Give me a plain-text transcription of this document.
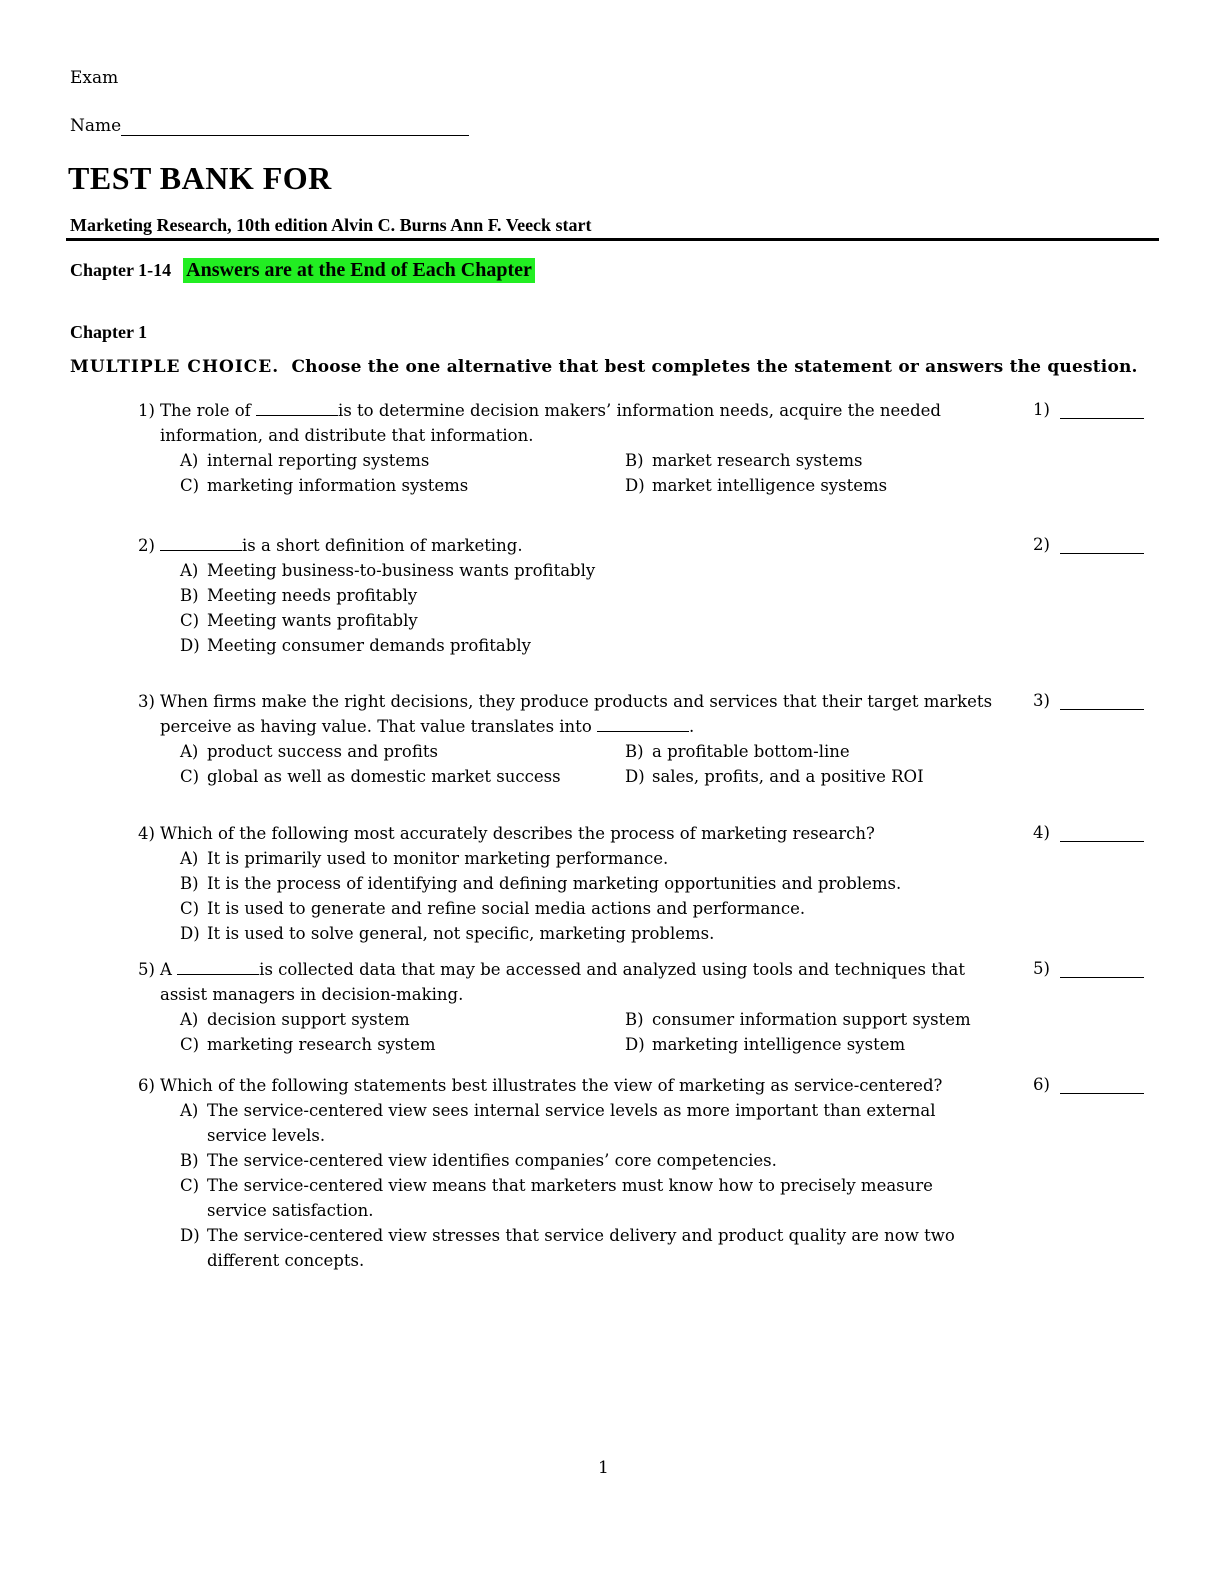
Exam
Name
TEST BANK FOR
Marketing Research, 10th edition Alvin C. Burns Ann F. Veeck start
Chapter 1-14 Answers are at the End of Each Chapter
Chapter 1
MULTIPLE CHOICE. Choose the one alternative that best completes the statement or answers the question.
1) The role of	is to determine decision makers’ information needs, acquire the needed
information, and distribute that information.
A) internal reporting systems	B) market research systems
C) marketing information systems	D) market intelligence systems
1)
2)	is a short definition of marketing.
A) Meeting business-to-business wants profitably
B) Meeting needs profitably
C) Meeting wants profitably
D) Meeting consumer demands profitably
2)
3) When firms make the right decisions, they produce products and services that their target markets
perceive as having value. That value translates into	.
A) product success and profits	B) a profitable bottom-line
C) global as well as domestic market success	D) sales, profits, and a positive ROI
3)
4) Which of the following most accurately describes the process of marketing research?
A) It is primarily used to monitor marketing performance.
B) It is the process of identifying and defining marketing opportunities and problems.
C) It is used to generate and refine social media actions and performance.
D) It is used to solve general, not specific, marketing problems.
4)
5) A	is collected data that may be accessed and analyzed using tools and techniques that
assist managers in decision-making.
A) decision support system	B) consumer information support system
C) marketing research system	D) marketing intelligence system
5)
6) Which of the following statements best illustrates the view of marketing as service-centered?
A) The service-centered view sees internal service levels as more important than external service levels.
B) The service-centered view identifies companies’ core competencies.
C) The service-centered view means that marketers must know how to precisely measure service satisfaction.
D) The service-centered view stresses that service delivery and product quality are now two different concepts.
6)
1
